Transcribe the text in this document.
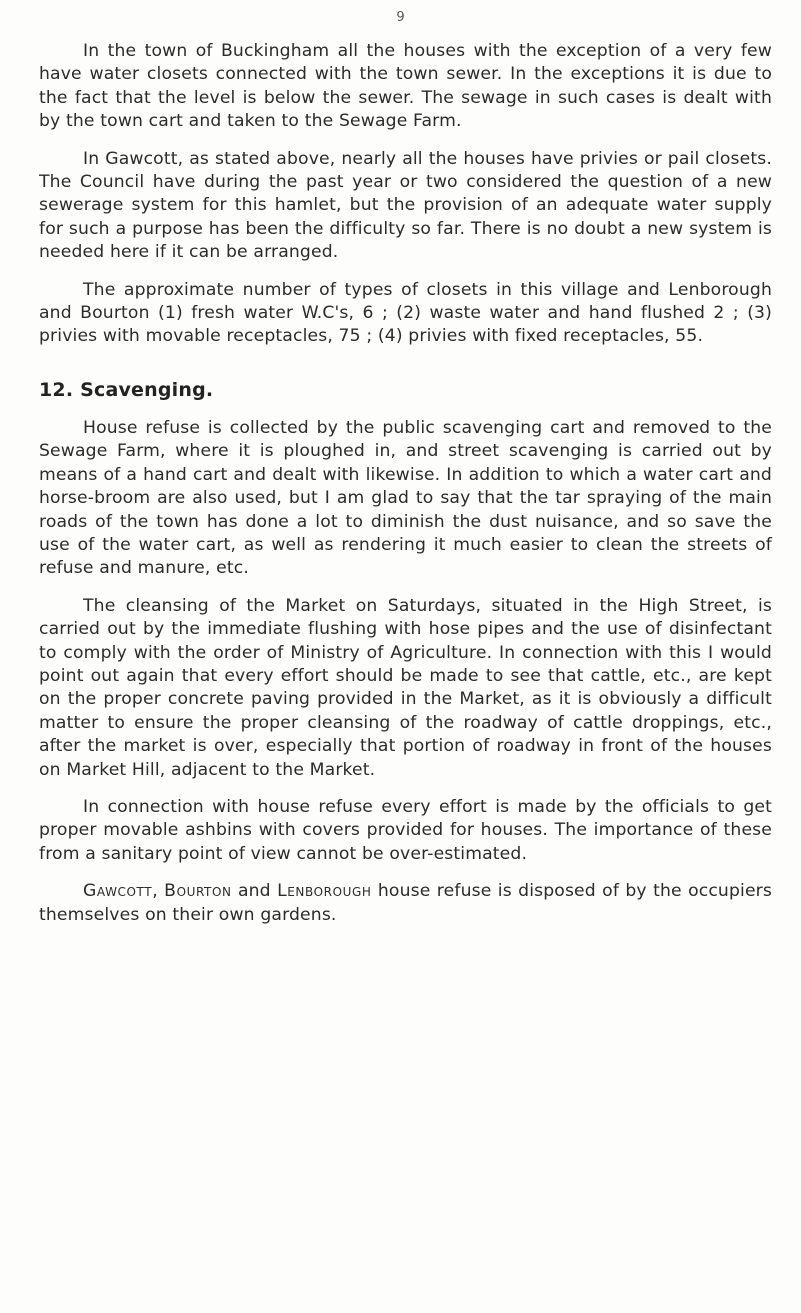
9

In the town of Buckingham all the houses with the exception of a very few have water closets connected with the town sewer. In the exceptions it is due to the fact that the level is below the sewer. The sewage in such cases is dealt with by the town cart and taken to the Sewage Farm.

In Gawcott, as stated above, nearly all the houses have privies or pail closets. The Council have during the past year or two considered the question of a new sewerage system for this hamlet, but the provision of an adequate water supply for such a purpose has been the difficulty so far. There is no doubt a new system is needed here if it can be arranged.

The approximate number of types of closets in this village and Lenborough and Bourton (1) fresh water W.C's, 6 ; (2) waste water and hand flushed 2 ; (3) privies with movable receptacles, 75 ; (4) privies with fixed receptacles, 55.

12. Scavenging.

House refuse is collected by the public scavenging cart and removed to the Sewage Farm, where it is ploughed in, and street scavenging is carried out by means of a hand cart and dealt with likewise. In addition to which a water cart and horse-broom are also used, but I am glad to say that the tar spraying of the main roads of the town has done a lot to diminish the dust nuisance, and so save the use of the water cart, as well as rendering it much easier to clean the streets of refuse and manure, etc.

The cleansing of the Market on Saturdays, situated in the High Street, is carried out by the immediate flushing with hose pipes and the use of disinfectant to comply with the order of Ministry of Agriculture. In connection with this I would point out again that every effort should be made to see that cattle, etc., are kept on the proper concrete paving provided in the Market, as it is obviously a difficult matter to ensure the proper cleansing of the roadway of cattle droppings, etc., after the market is over, especially that portion of roadway in front of the houses on Market Hill, adjacent to the Market.

In connection with house refuse every effort is made by the officials to get proper movable ashbins with covers provided for houses. The importance of these from a sanitary point of view cannot be over-estimated.

Gawcott, Bourton and Lenborough house refuse is disposed of by the occupiers themselves on their own gardens.
